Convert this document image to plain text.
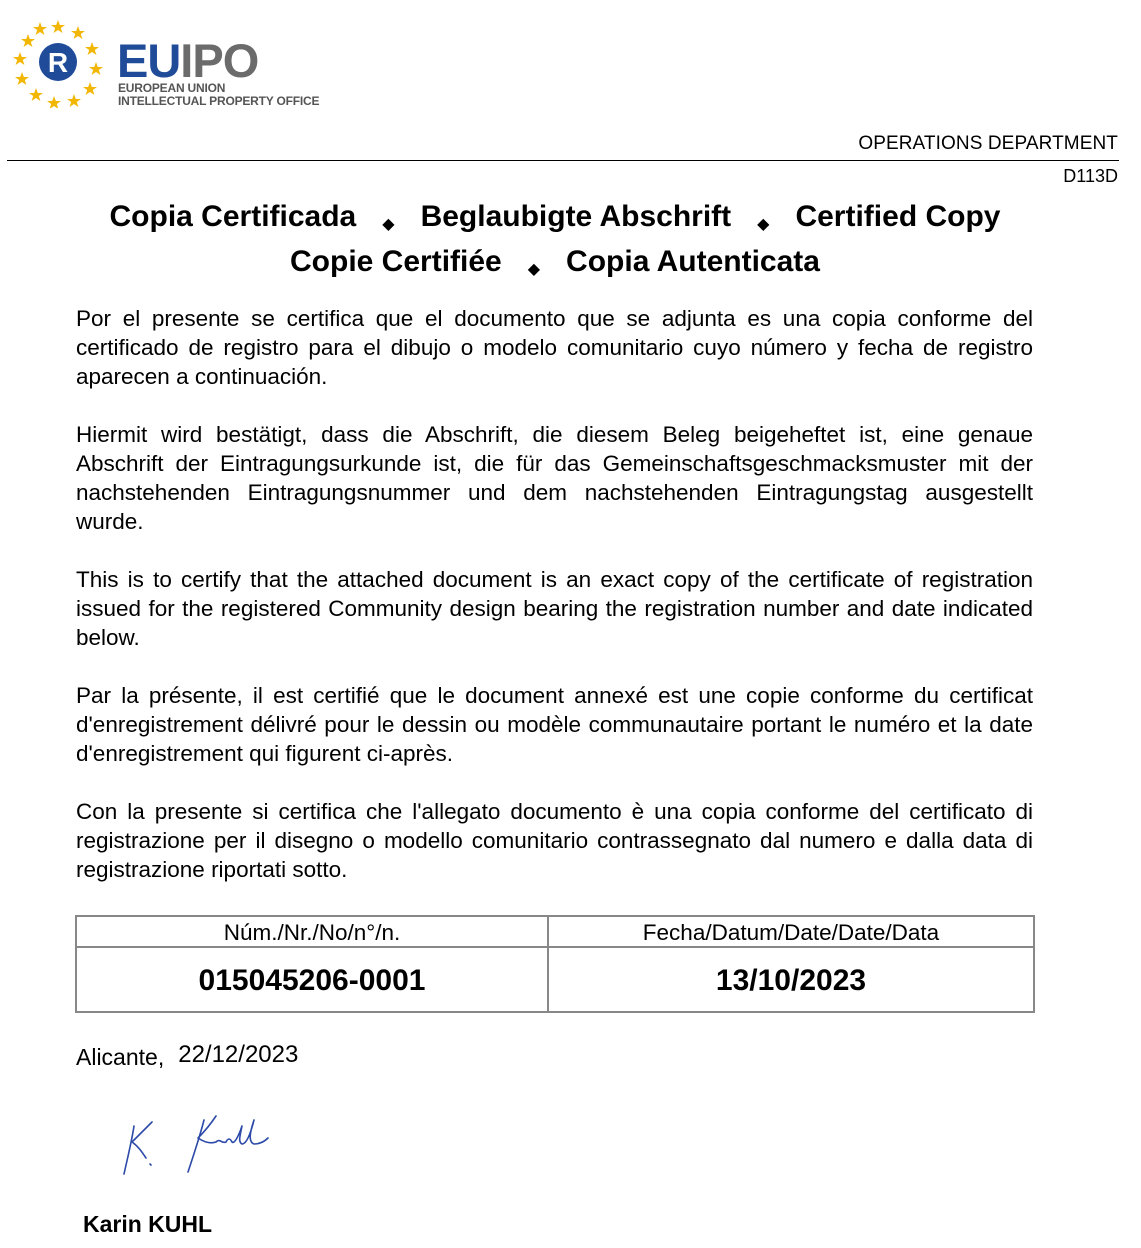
R EUIPO
EUROPEAN UNION
INTELLECTUAL PROPERTY OFFICE
OPERATIONS DEPARTMENT
D113D
Copia Certificada ◆ Beglaubigte Abschrift ◆ Certified Copy
Copie Certifiée ◆ Copia Autenticata

Por el presente se certifica que el documento que se adjunta es una copia conforme del certificado de registro para el dibujo o modelo comunitario cuyo número y fecha de registro aparecen a continuación.

Hiermit wird bestätigt, dass die Abschrift, die diesem Beleg beigeheftet ist, eine genaue Abschrift der Eintragungsurkunde ist, die für das Gemeinschaftsgeschmacksmuster mit der nachstehenden Eintragungsnummer und dem nachstehenden Eintragungstag ausgestellt wurde.

This is to certify that the attached document is an exact copy of the certificate of registration issued for the registered Community design bearing the registration number and date indicated below.

Par la présente, il est certifié que le document annexé est une copie conforme du certificat d'enregistrement délivré pour le dessin ou modèle communautaire portant le numéro et la date d'enregistrement qui figurent ci-après.

Con la presente si certifica che l'allegato documento è una copia conforme del certificato di registrazione per il disegno o modello comunitario contrassegnato dal numero e dalla data di registrazione riportati sotto.

Núm./Nr./No/n°/n.	Fecha/Datum/Date/Date/Data
015045206-0001	13/10/2023
Alicante, 22/12/2023
Karin KUHL
